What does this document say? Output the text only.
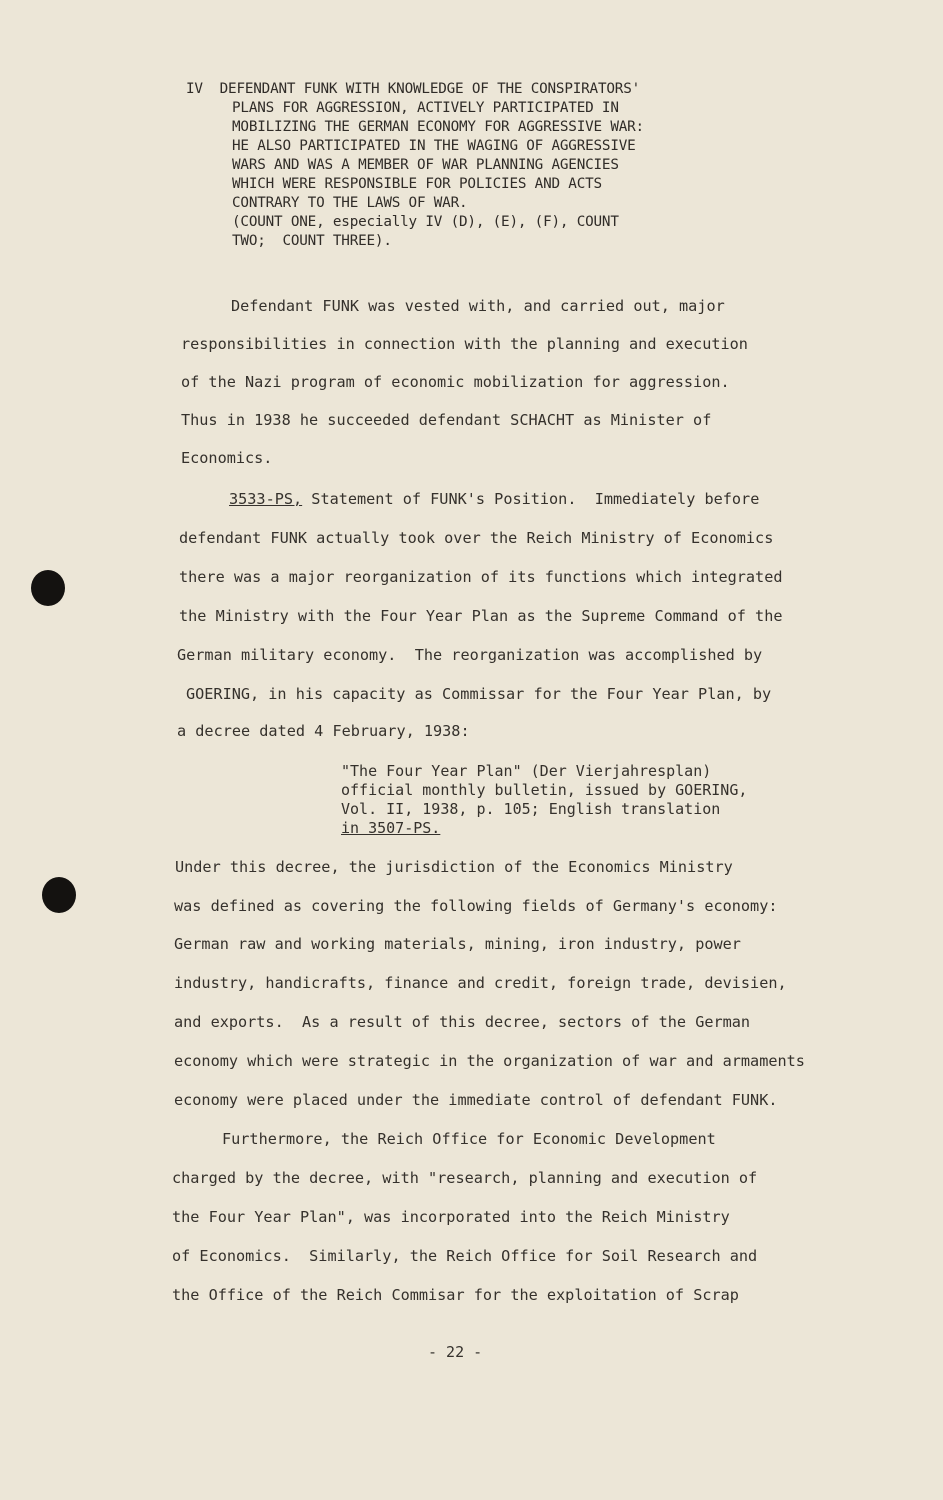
IV  DEFENDANT FUNK WITH KNOWLEDGE OF THE CONSPIRATORS'
PLANS FOR AGGRESSION, ACTIVELY PARTICIPATED IN
MOBILIZING THE GERMAN ECONOMY FOR AGGRESSIVE WAR:
HE ALSO PARTICIPATED IN THE WAGING OF AGGRESSIVE
WARS AND WAS A MEMBER OF WAR PLANNING AGENCIES
WHICH WERE RESPONSIBLE FOR POLICIES AND ACTS
CONTRARY TO THE LAWS OF WAR.
(COUNT ONE, especially IV (D), (E), (F), COUNT
TWO;  COUNT THREE).
Defendant FUNK was vested with, and carried out, major
responsibilities in connection with the planning and execution
of the Nazi program of economic mobilization for aggression.
Thus in 1938 he succeeded defendant SCHACHT as Minister of
Economics.
3533-PS, Statement of FUNK's Position.  Immediately before
defendant FUNK actually took over the Reich Ministry of Economics
there was a major reorganization of its functions which integrated
the Ministry with the Four Year Plan as the Supreme Command of the
German military economy.  The reorganization was accomplished by
GOERING, in his capacity as Commissar for the Four Year Plan, by
a decree dated 4 February, 1938:
"The Four Year Plan" (Der Vierjahresplan)
official monthly bulletin, issued by GOERING,
Vol. II, 1938, p. 105; English translation
in 3507-PS.
Under this decree, the jurisdiction of the Economics Ministry
was defined as covering the following fields of Germany's economy:
German raw and working materials, mining, iron industry, power
industry, handicrafts, finance and credit, foreign trade, devisien,
and exports.  As a result of this decree, sectors of the German
economy which were strategic in the organization of war and armaments
economy were placed under the immediate control of defendant FUNK.
Furthermore, the Reich Office for Economic Development
charged by the decree, with "research, planning and execution of
the Four Year Plan", was incorporated into the Reich Ministry
of Economics.  Similarly, the Reich Office for Soil Research and
the Office of the Reich Commisar for the exploitation of Scrap
- 22 -
